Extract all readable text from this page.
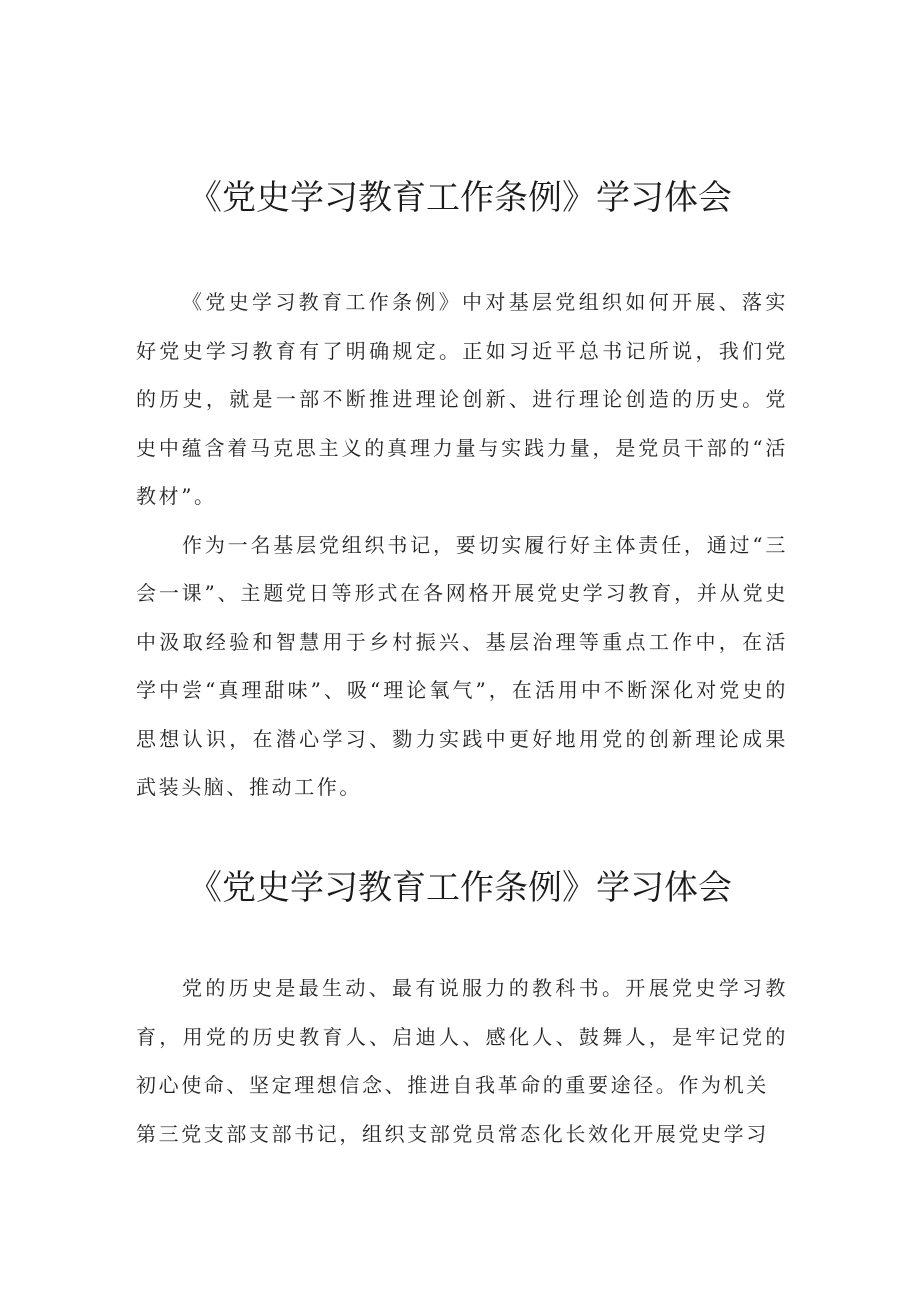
《党史学习教育工作条例》学习体会

《党史学习教育工作条例》中对基层党组织如何开展、落实好党史学习教育有了明确规定。正如习近平总书记所说，我们党的历史，就是一部不断推进理论创新、进行理论创造的历史。党史中蕴含着马克思主义的真理力量与实践力量，是党员干部的“活教材”。

作为一名基层党组织书记，要切实履行好主体责任，通过“三会一课”、主题党日等形式在各网格开展党史学习教育，并从党史中汲取经验和智慧用于乡村振兴、基层治理等重点工作中，在活学中尝“真理甜味”、吸“理论氧气”，在活用中不断深化对党史的思想认识，在潜心学习、勠力实践中更好地用党的创新理论成果武装头脑、推动工作。

《党史学习教育工作条例》学习体会

党的历史是最生动、最有说服力的教科书。开展党史学习教育，用党的历史教育人、启迪人、感化人、鼓舞人，是牢记党的初心使命、坚定理想信念、推进自我革命的重要途径。作为机关

第三党支部支部书记，组织支部党员常态化长效化开展党史学习
